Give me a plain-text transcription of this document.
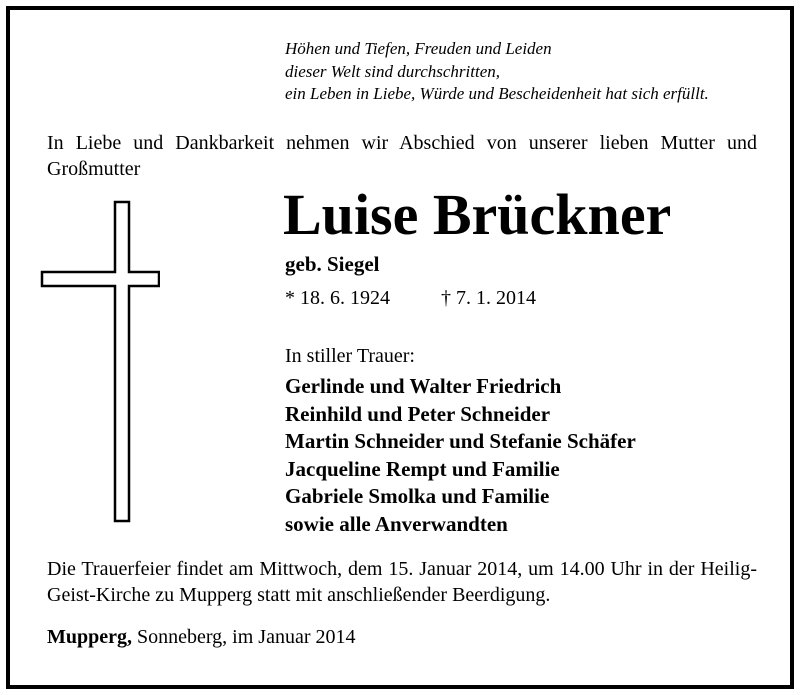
Höhen und Tiefen, Freuden und Leiden
dieser Welt sind durchschritten,
ein Leben in Liebe, Würde und Bescheidenheit hat sich erfüllt.
In Liebe und Dankbarkeit nehmen wir Abschied von unserer lieben Mutter und Großmutter
Luise Brückner
geb. Siegel
* 18. 6. 1924	† 7. 1. 2014
In stiller Trauer:
Gerlinde und Walter Friedrich
Reinhild und Peter Schneider
Martin Schneider und Stefanie Schäfer
Jacqueline Rempt und Familie
Gabriele Smolka und Familie
sowie alle Anverwandten
Die Trauerfeier findet am Mittwoch, dem 15. Januar 2014, um 14.00 Uhr in der Heilig-Geist-Kirche zu Mupperg statt mit anschließender Beerdigung.
Mupperg, Sonneberg, im Januar 2014
